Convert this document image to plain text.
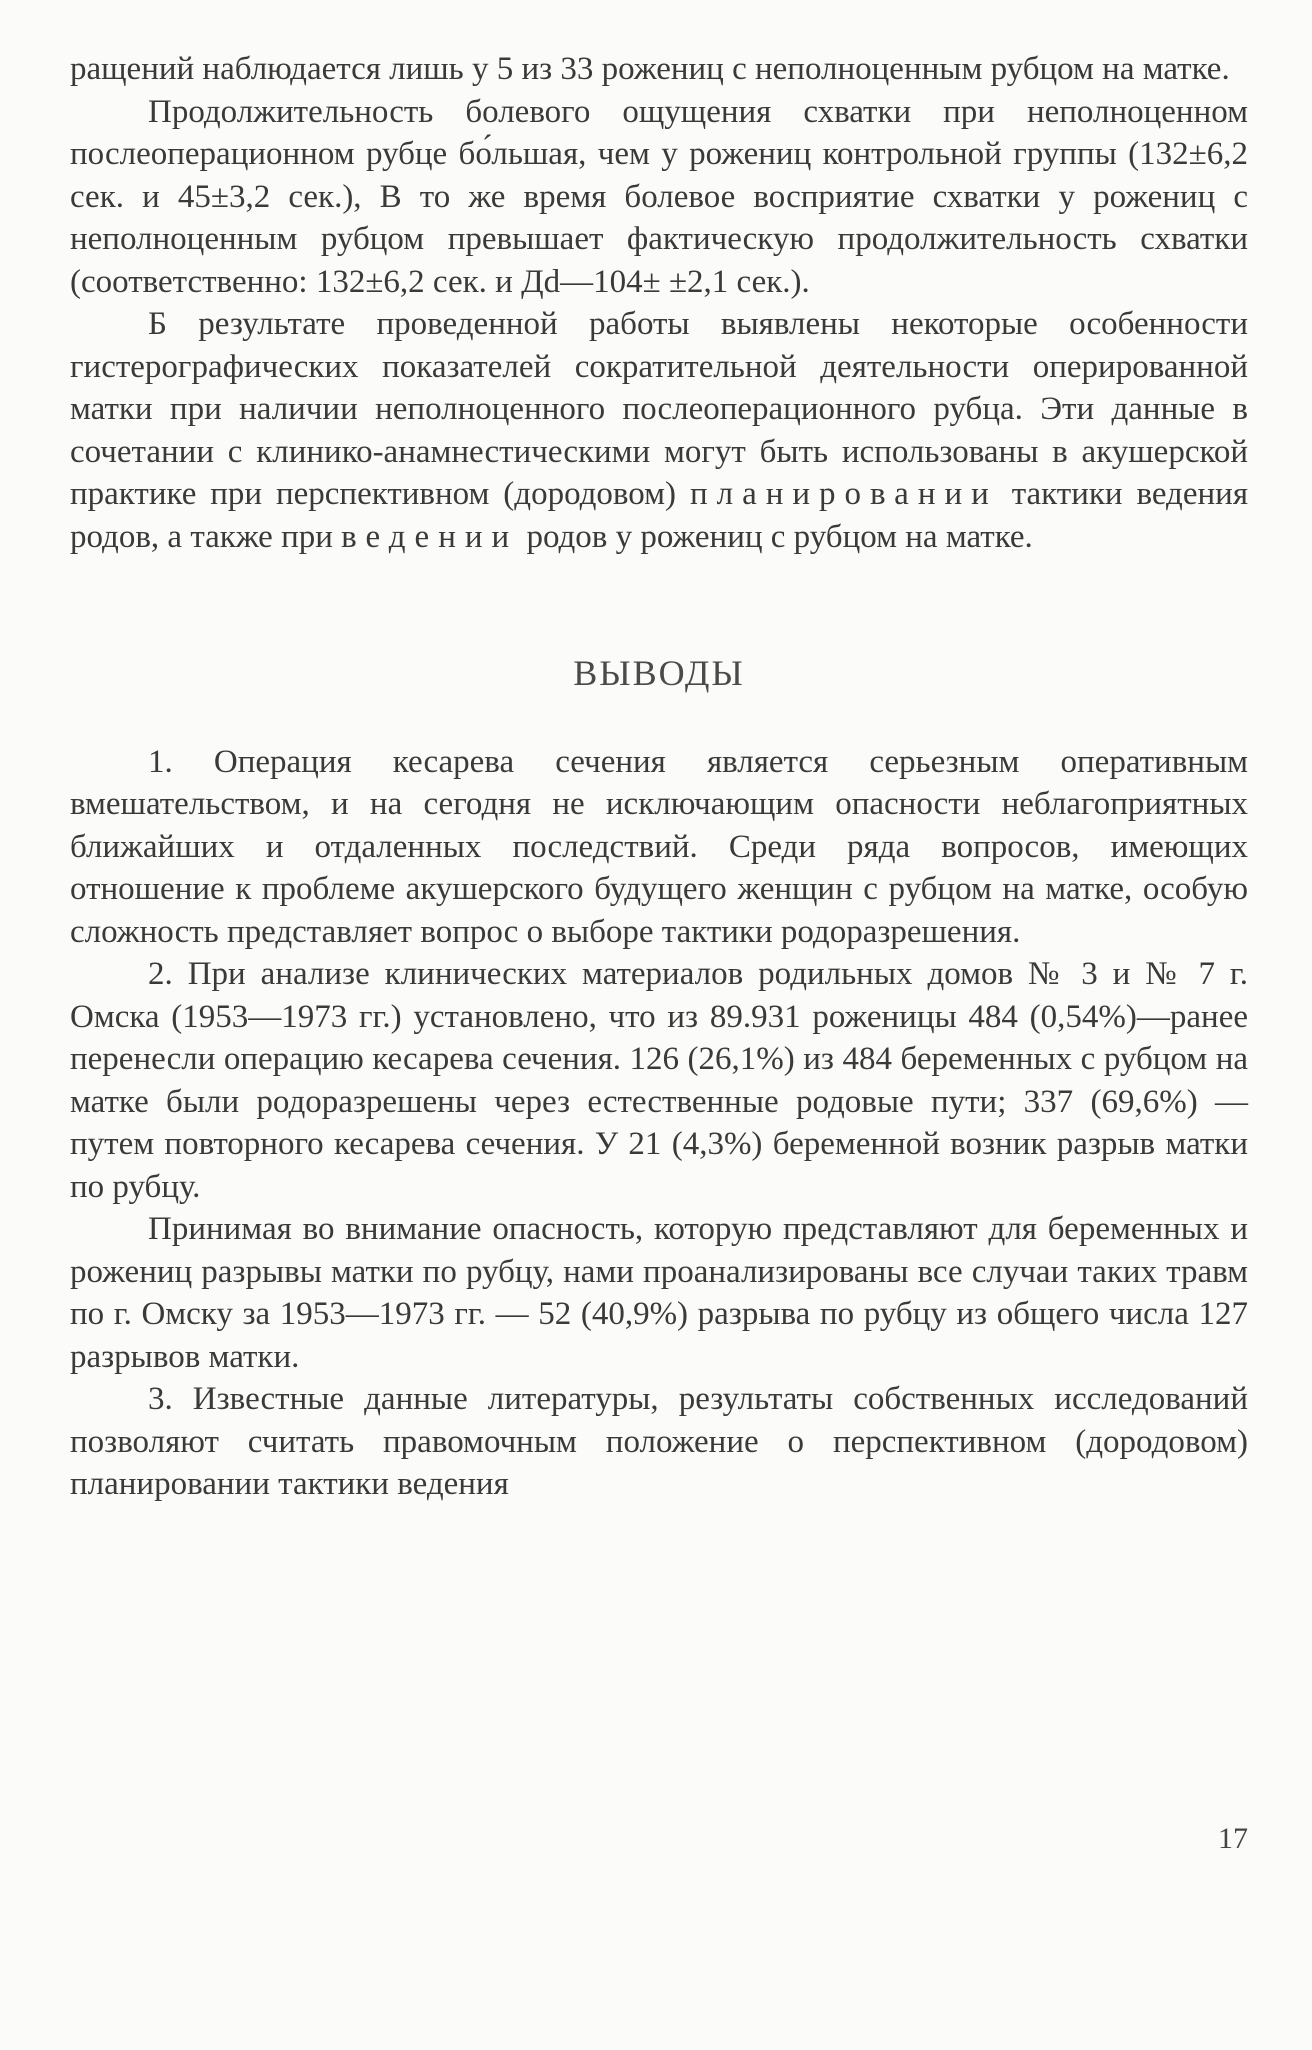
ращений наблюдается лишь у 5 из 33 рожениц с неполноценным рубцом на матке.

Продолжительность болевого ощущения схватки при неполноценном послеоперационном рубце бо́льшая, чем у рожениц контрольной группы (132±6,2 сек. и 45±3,2 сек.), В то же время болевое восприятие схватки у рожениц с неполноценным рубцом превышает фактическую продолжительность схватки (соответственно: 132±6,2 сек. и Дd—104± ±2,1 сек.).

Б результате проведенной работы выявлены некоторые особенности гистерографических показателей сократительной деятельности оперированной матки при наличии неполноценного послеоперационного рубца. Эти данные в сочетании с клинико-анамнестическими могут быть использованы в акушерской практике при перспективном (дородовом) планировании тактики ведения родов, а также при ведении родов у рожениц с рубцом на матке.

ВЫВОДЫ

1. Операция кесарева сечения является серьезным оперативным вмешательством, и на сегодня не исключающим опасности неблагоприятных ближайших и отдаленных последствий. Среди ряда вопросов, имеющих отношение к проблеме акушерского будущего женщин с рубцом на матке, особую сложность представляет вопрос о выборе тактики родоразрешения.

2. При анализе клинических материалов родильных домов № 3 и № 7 г. Омска (1953—1973 гг.) установлено, что из 89.931 роженицы 484 (0,54%)—ранее перенесли операцию кесарева сечения. 126 (26,1%) из 484 беременных с рубцом на матке были родоразрешены через естественные родовые пути; 337 (69,6%) — путем повторного кесарева сечения. У 21 (4,3%) беременной возник разрыв матки по рубцу.

Принимая во внимание опасность, которую представляют для беременных и рожениц разрывы матки по рубцу, нами проанализированы все случаи таких травм по г. Омску за 1953—1973 гг. — 52 (40,9%) разрыва по рубцу из общего числа 127 разрывов матки.

3. Известные данные литературы, результаты собственных исследований позволяют считать правомочным положение о перспективном (дородовом) планировании тактики ведения

17
